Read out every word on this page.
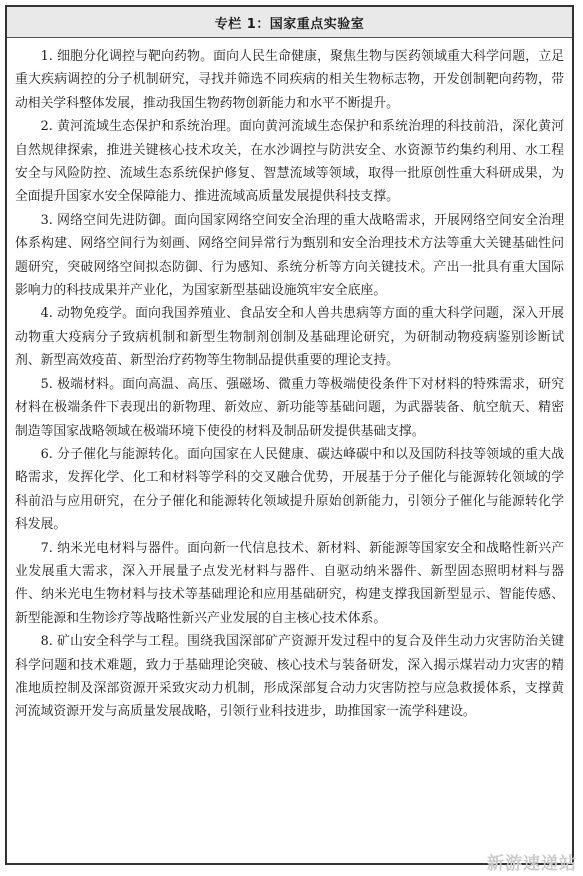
专栏 1：国家重点实验室

1. 细胞分化调控与靶向药物。面向人民生命健康，聚焦生物与医药领域重大科学问题，立足重大疾病调控的分子机制研究，寻找并筛选不同疾病的相关生物标志物，开发创制靶向药物，带动相关学科整体发展，推动我国生物药物创新能力和水平不断提升。

2. 黄河流域生态保护和系统治理。面向黄河流域生态保护和系统治理的科技前沿，深化黄河自然规律探索，推进关键核心技术攻关，在水沙调控与防洪安全、水资源节约集约利用、水工程安全与风险防控、流域生态系统保护修复、智慧流域等领域，取得一批原创性重大科研成果，为全面提升国家水安全保障能力、推进流域高质量发展提供科技支撑。

3. 网络空间先进防御。面向国家网络空间安全治理的重大战略需求，开展网络空间安全治理体系构建、网络空间行为刻画、网络空间异常行为甄别和安全治理技术方法等重大关键基础性问题研究，突破网络空间拟态防御、行为感知、系统分析等方向关键技术。产出一批具有重大国际影响力的科技成果并产业化，为国家新型基础设施筑牢安全底座。

4. 动物免疫学。面向我国养殖业、食品安全和人兽共患病等方面的重大科学问题，深入开展动物重大疫病分子致病机制和新型生物制剂创制及基础理论研究，为研制动物疫病鉴别诊断试剂、新型高效疫苗、新型治疗药物等生物制品提供重要的理论支持。

5. 极端材料。面向高温、高压、强磁场、微重力等极端使役条件下对材料的特殊需求，研究材料在极端条件下表现出的新物理、新效应、新功能等基础问题，为武器装备、航空航天、精密制造等国家战略领域在极端环境下使役的材料及制品研发提供基础支撑。

6. 分子催化与能源转化。面向国家在人民健康、碳达峰碳中和以及国防科技等领域的重大战略需求，发挥化学、化工和材料等学科的交叉融合优势，开展基于分子催化与能源转化领域的学科前沿与应用研究，在分子催化和能源转化领域提升原始创新能力，引领分子催化与能源转化学科发展。

7. 纳米光电材料与器件。面向新一代信息技术、新材料、新能源等国家安全和战略性新兴产业发展重大需求，深入开展量子点发光材料与器件、自驱动纳米器件、新型固态照明材料与器件、纳米光电生物材料与技术等基础理论和应用基础研究，构建支撑我国新型显示、智能传感、新型能源和生物诊疗等战略性新兴产业发展的自主核心技术体系。

8. 矿山安全科学与工程。围绕我国深部矿产资源开发过程中的复合及伴生动力灾害防治关键科学问题和技术难题，致力于基础理论突破、核心技术与装备研发，深入揭示煤岩动力灾害的精准地质控制及深部资源开采致灾动力机制，形成深部复合动力灾害防控与应急救援体系，支撑黄河流域资源开发与高质量发展战略，引领行业科技进步，助推国家一流学科建设。

新游速递站
